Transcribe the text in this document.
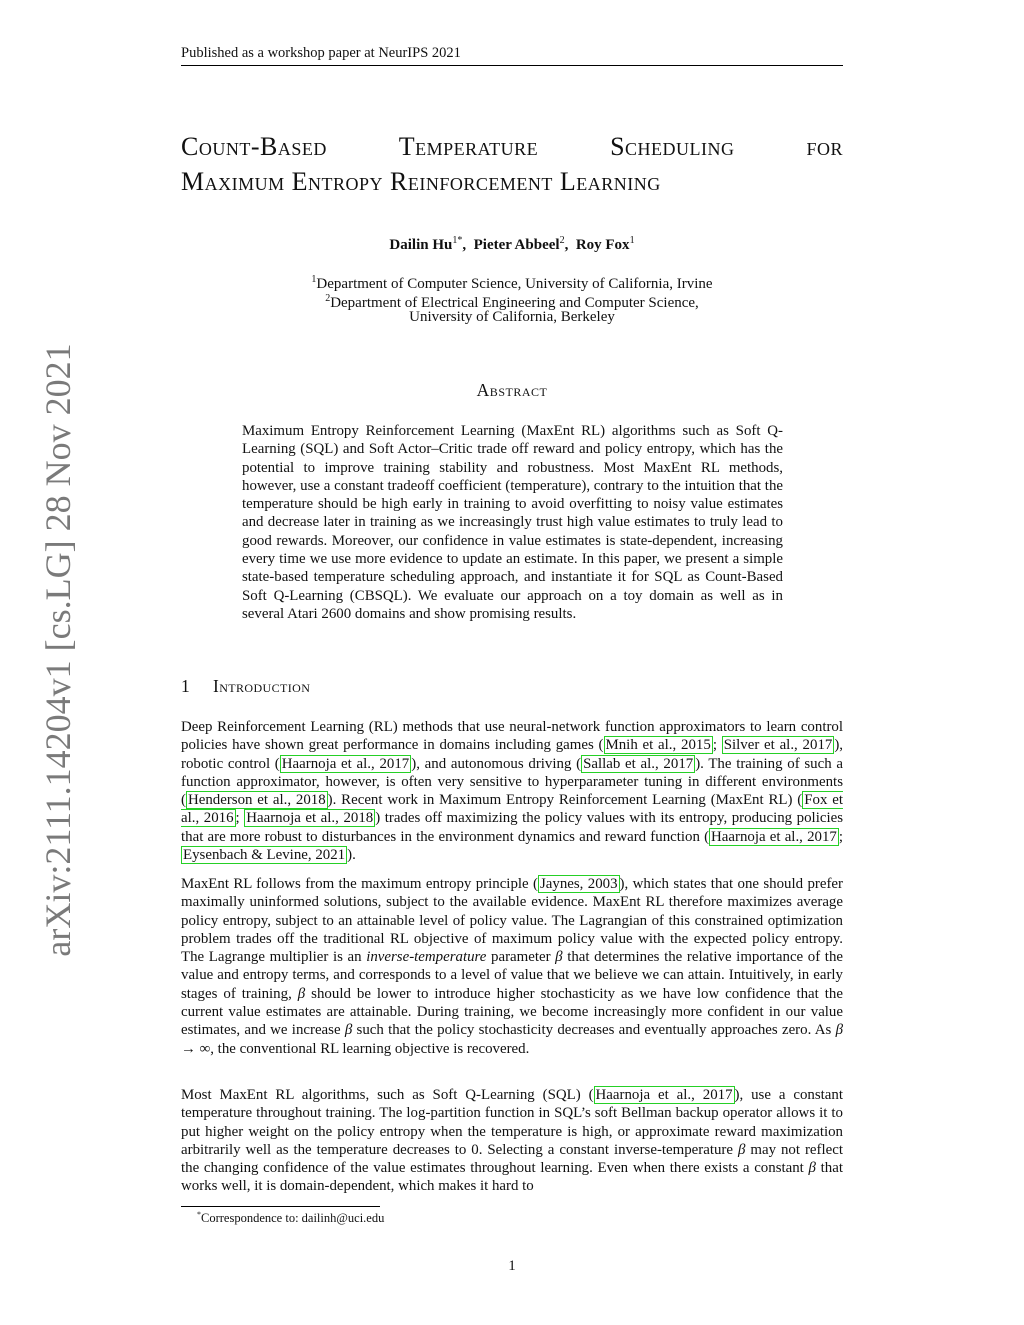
Published as a workshop paper at NeurIPS 2021
Count-Based	Temperature	Scheduling	for
Maximum Entropy Reinforcement Learning
Dailin $Hu^{1*}$,  Pieter Abbeel$^2$,  Roy Fox$^1$
$^1$Department of Computer Science, University of California, Irvine
$^2$Department of Electrical Engineering and Computer Science,
University of California, Berkeley
Abstract
Maximum Entropy Reinforcement Learning (MaxEnt RL) algorithms such as Soft Q-Learning (SQL) and Soft Actor–Critic trade off reward and policy entropy, which has the potential to improve training stability and robustness. Most MaxEnt RL methods, however, use a constant tradeoff coefficient (temperature), contrary to the intuition that the temperature should be high early in training to avoid overfitting to noisy value estimates and decrease later in training as we increasingly trust high value estimates to truly lead to good rewards. Moreover, our confidence in value estimates is state-dependent, increasing every time we use more evidence to update an estimate. In this paper, we present a simple state-based temperature scheduling approach, and instantiate it for SQL as Count-Based Soft Q-Learning (CBSQL). We evaluate our approach on a toy domain as well as in several Atari 2600 domains and show promising results.
1 Introduction
Deep Reinforcement Learning (RL) methods that use neural-network function approximators to learn control policies have shown great performance in domains including games ( Mnih et al., 2015 ; Silver et al., 2017 ), robotic control ( Haarnoja et al., 2017 ), and autonomous driving ( Sallab et al., 2017 ). The training of such a function approximator, however, is often very sensitive to hyperparameter tuning in different environments ( Henderson et al., 2018 ). Recent work in Maximum Entropy Reinforcement Learning (MaxEnt RL) ( Fox et al., 2016 ; Haarnoja et al., 2018 ) trades off maximizing the policy values with its entropy, producing policies that are more robust to disturbances in the environment dynamics and reward function ( Haarnoja et al., 2017 ; Eysenbach & Levine, 2021 ).
MaxEnt RL follows from the maximum entropy principle ( Jaynes, 2003 ), which states that one should prefer maximally uninformed solutions, subject to the available evidence. MaxEnt RL therefore maximizes average policy entropy, subject to an attainable level of policy value. The Lagrangian of this constrained optimization problem trades off the traditional RL objective of maximum policy value with the expected policy entropy. The Lagrange multiplier is an inverse-temperature parameter β that determines the relative importance of the value and entropy terms, and corresponds to a level of value that we believe we can attain. Intuitively, in early stages of training, β should be lower to introduce higher stochasticity as we have low confidence that the current value estimates are attainable. During training, we become increasingly more confident in our value estimates, and we increase β such that the policy stochasticity decreases and eventually approaches zero. As β → ∞, the conventional RL learning objective is recovered.
Most MaxEnt RL algorithms, such as Soft Q-Learning (SQL) ( Haarnoja et al., 2017 ), use a constant temperature throughout training. The log-partition function in SQL’s soft Bellman backup operator allows it to put higher weight on the policy entropy when the temperature is high, or approximate reward maximization arbitrarily well as the temperature decreases to 0. Selecting a constant inverse-temperature β may not reflect the changing confidence of the value estimates throughout learning. Even when there exists a constant β that works well, it is domain-dependent, which makes it hard to
*Correspondence to: dailinh@uci.edu
1
arXiv:2111.14204v1 [cs.LG] 28 Nov 2021
